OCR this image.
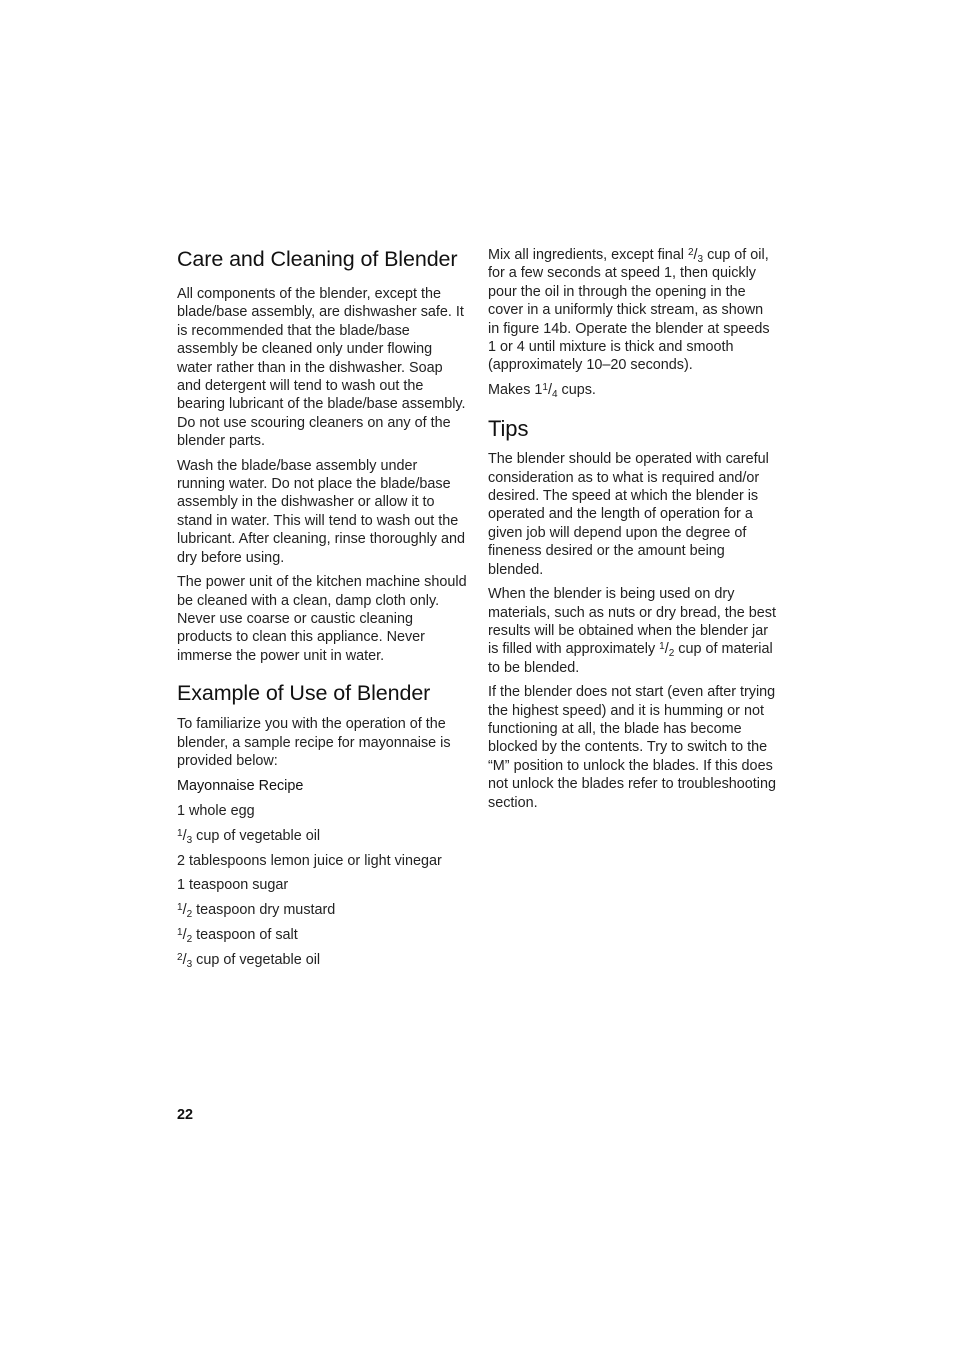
Care and Cleaning of Blender

All components of the blender, except the blade/base assembly, are dishwasher safe. It is recommended that the blade/base assembly be cleaned only under flowing water rather than in the dishwasher. Soap and detergent will tend to wash out the bearing lubricant of the blade/base assembly. Do not use scouring cleaners on any of the blender parts.

Wash the blade/base assembly under running water. Do not place the blade/base assembly in the dishwasher or allow it to stand in water. This will tend to wash out the lubricant. After cleaning, rinse thoroughly and dry before using.

The power unit of the kitchen machine should be cleaned with a clean, damp cloth only. Never use coarse or caustic cleaning products to clean this appliance. Never immerse the power unit in water.

Example of Use of Blender

To familiarize you with the operation of the blender, a sample recipe for mayonnaise is provided below:

Mayonnaise Recipe
1 whole egg
$^1/_3$ cup of vegetable oil
2 tablespoons lemon juice or light vinegar
1 teaspoon sugar
$^1/_2$ teaspoon dry mustard
$^1/_2$ teaspoon of salt
$^2/_3$ cup of vegetable oil

Mix all ingredients, except final $^2/_3$ cup of oil, for a few seconds at speed 1, then quickly pour the oil in through the opening in the cover in a uniformly thick stream, as shown in figure 14b. Operate the blender at speeds 1 or 4 until mixture is thick and smooth (approximately 10–20 seconds).

Makes $1^1/_4$ cups.

Tips

The blender should be operated with careful consideration as to what is required and/or desired. The speed at which the blender is operated and the length of operation for a given job will depend upon the degree of fineness desired or the amount being blended.

When the blender is being used on dry materials, such as nuts or dry bread, the best results will be obtained when the blender jar is filled with approximately $^1/_2$ cup of material to be blended.

If the blender does not start (even after trying the highest speed) and it is humming or not functioning at all, the blade has become blocked by the contents. Try to switch to the “M” position to unlock the blades. If this does not unlock the blades refer to troubleshooting section.

22
